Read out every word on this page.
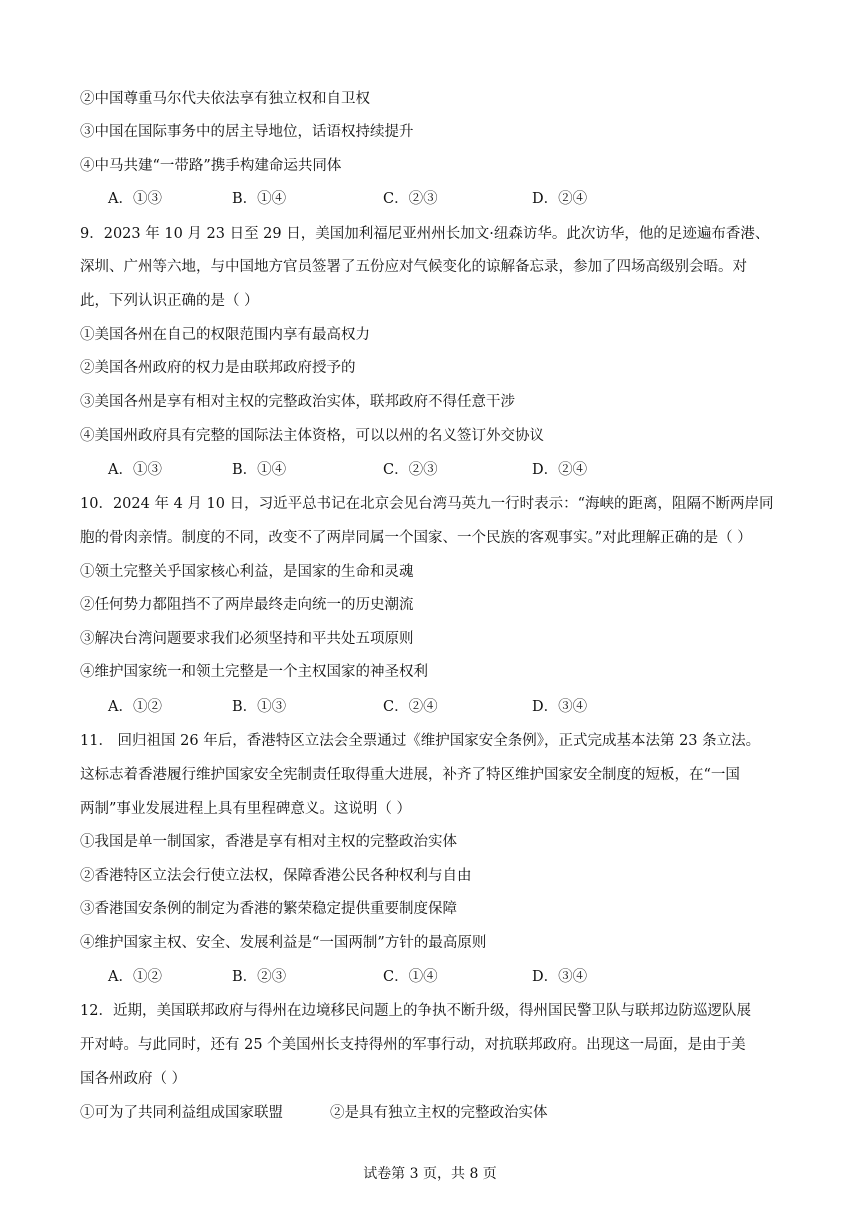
②中国尊重马尔代夫依法享有独立权和自卫权
③中国在国际事务中的居主导地位，话语权持续提升
④中马共建“一带路”携手构建命运共同体
A．①③	B．①④	C．②③	D．②④
9．2023 年 10 月 23 日至 29 日，美国加利福尼亚州州长加文·纽森访华。此次访华，他的足迹遍布香港、
深圳、广州等六地，与中国地方官员签署了五份应对气候变化的谅解备忘录，参加了四场高级别会晤。对
此，下列认识正确的是（ ）
①美国各州在自己的权限范围内享有最高权力
②美国各州政府的权力是由联邦政府授予的
③美国各州是享有相对主权的完整政治实体，联邦政府不得任意干涉
④美国州政府具有完整的国际法主体资格，可以以州的名义签订外交协议
A．①③	B．①④	C．②③	D．②④
10．2024 年 4 月 10 日，习近平总书记在北京会见台湾马英九一行时表示：“海峡的距离，阻隔不断两岸同
胞的骨肉亲情。制度的不同，改变不了两岸同属一个国家、一个民族的客观事实。”对此理解正确的是（ ）
①领土完整关乎国家核心利益，是国家的生命和灵魂
②任何势力都阻挡不了两岸最终走向统一的历史潮流
③解决台湾问题要求我们必须坚持和平共处五项原则
④维护国家统一和领土完整是一个主权国家的神圣权利
A．①②	B．①③	C．②④	D．③④
11． 回归祖国 26 年后，香港特区立法会全票通过《维护国家安全条例》，正式完成基本法第 23 条立法。
这标志着香港履行维护国家安全宪制责任取得重大进展，补齐了特区维护国家安全制度的短板，在“一国
两制”事业发展进程上具有里程碑意义。这说明（ ）
①我国是单一制国家，香港是享有相对主权的完整政治实体
②香港特区立法会行使立法权，保障香港公民各种权利与自由
③香港国安条例的制定为香港的繁荣稳定提供重要制度保障
④维护国家主权、安全、发展利益是“一国两制”方针的最高原则
A．①②	B．②③	C．①④	D．③④
12．近期，美国联邦政府与得州在边境移民问题上的争执不断升级，得州国民警卫队与联邦边防巡逻队展
开对峙。与此同时，还有 25 个美国州长支持得州的军事行动，对抗联邦政府。出现这一局面，是由于美
国各州政府（ ）
①可为了共同利益组成国家联盟	②是具有独立主权的完整政治实体
试卷第 3 页，共 8 页
